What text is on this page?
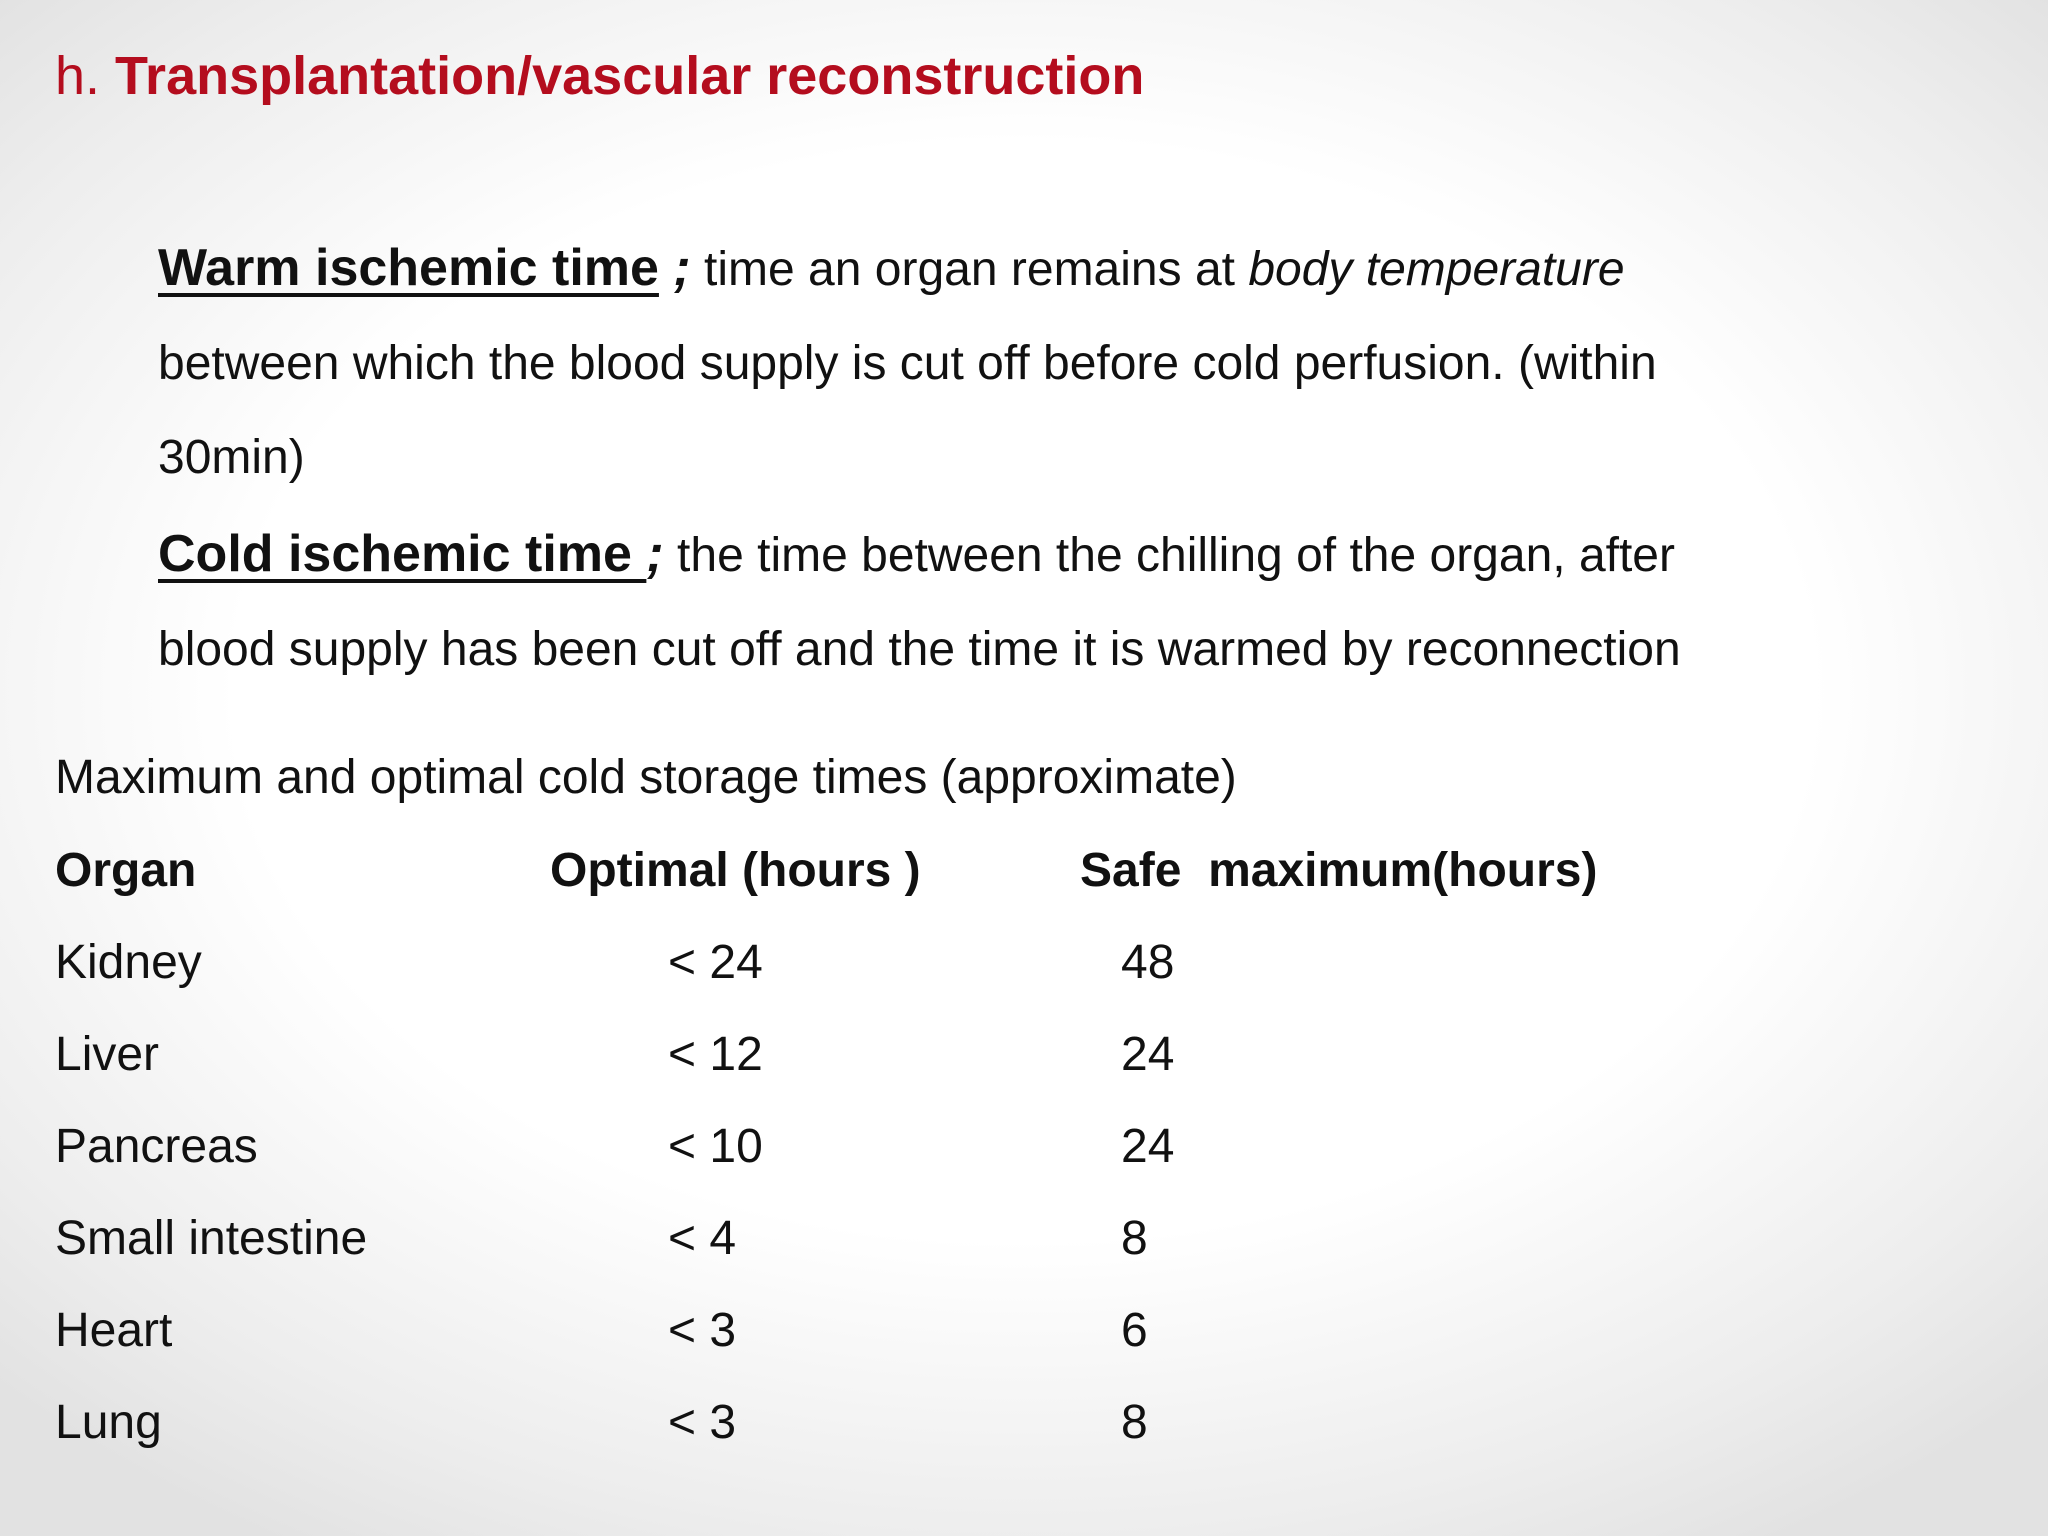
h. Transplantation/vascular reconstruction
Warm ischemic time ; time an organ remains at body temperature
between which the blood supply is cut off before cold perfusion. (within
30min)
Cold ischemic time ; the time between the chilling of the organ, after
blood supply has been cut off and the time it is warmed by reconnection
Maximum and optimal cold storage times (approximate)
Organ	Optimal (hours )	Safe  maximum(hours)
Kidney	< 24	48
Liver	< 12	24
Pancreas	< 10	24
Small intestine	< 4	8
Heart	< 3	6
Lung	< 3	8
